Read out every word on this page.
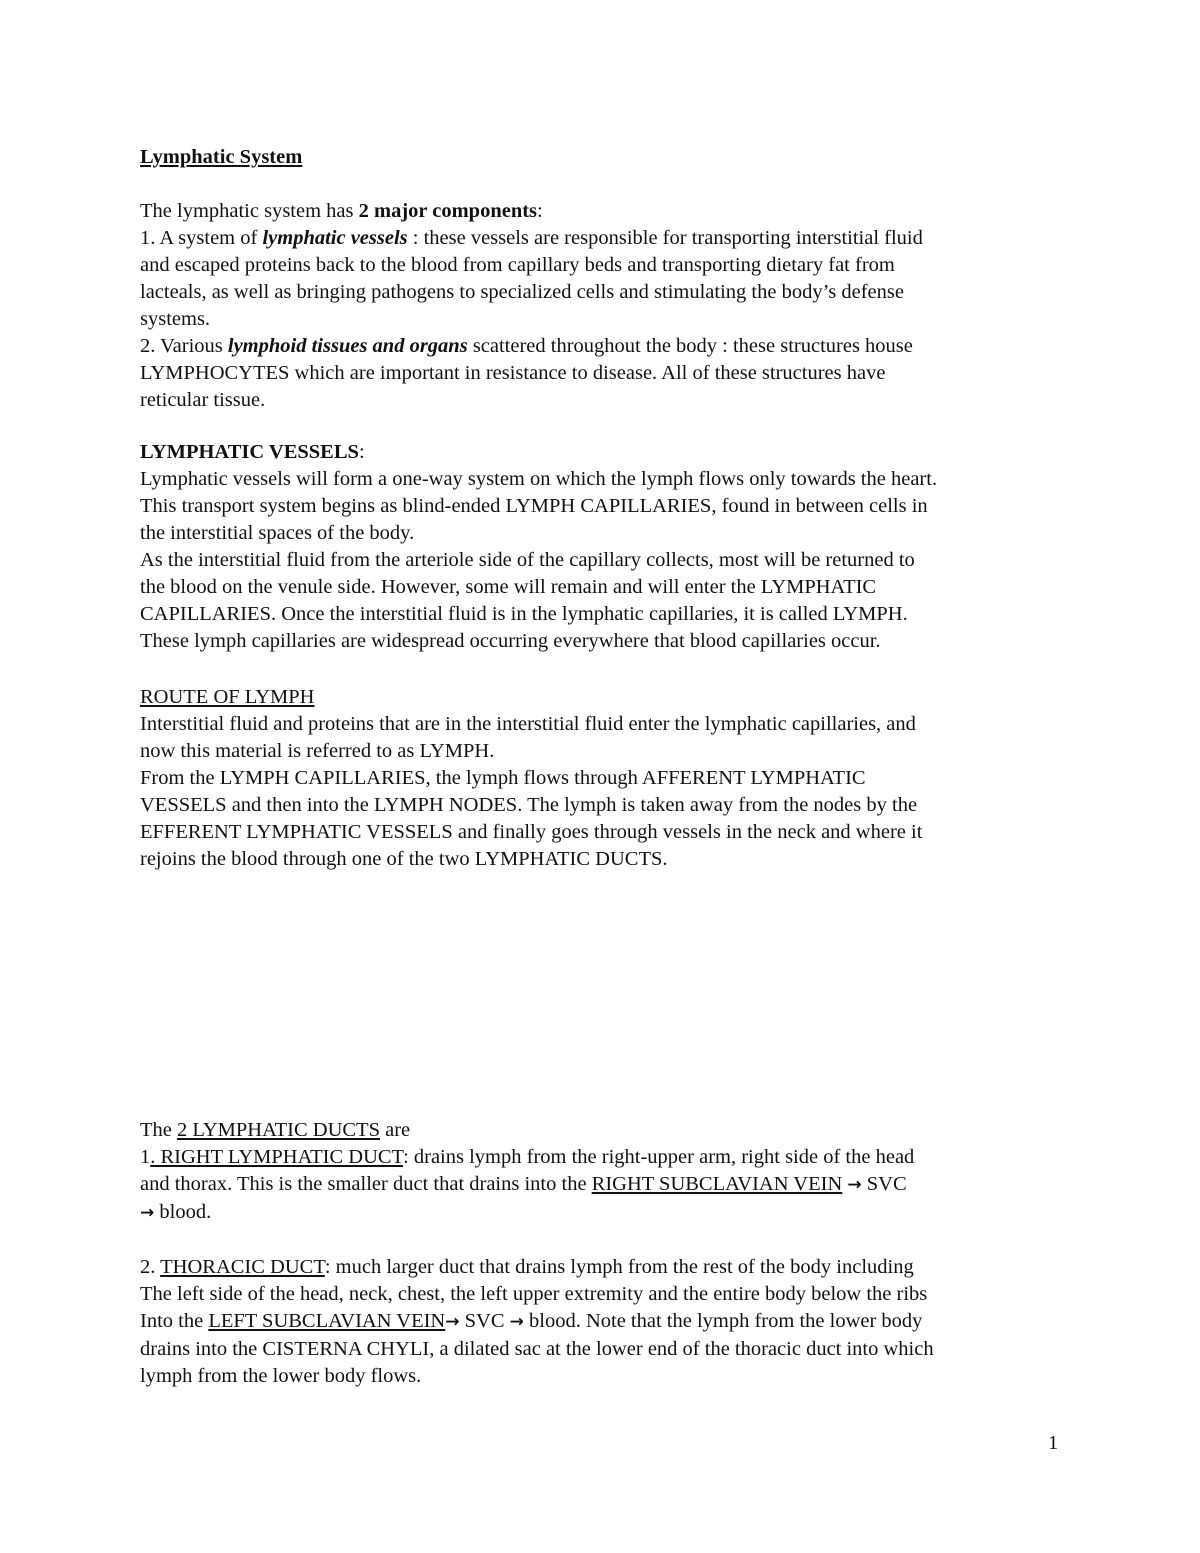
Lymphatic System
The lymphatic system has 2 major components:
1. A system of lymphatic vessels : these vessels are responsible for transporting interstitial fluid
and escaped proteins back to the blood from capillary beds and transporting dietary fat from
lacteals, as well as bringing pathogens to specialized cells and stimulating the body’s defense
systems.
2. Various lymphoid tissues and organs scattered throughout the body : these structures house
LYMPHOCYTES which are important in resistance to disease. All of these structures have
reticular tissue.
LYMPHATIC VESSELS:
Lymphatic vessels will form a one-way system on which the lymph flows only towards the heart.
This transport system begins as blind-ended LYMPH CAPILLARIES, found in between cells in
the interstitial spaces of the body.
As the interstitial fluid from the arteriole side of the capillary collects, most will be returned to
the blood on the venule side. However, some will remain and will enter the LYMPHATIC
CAPILLARIES. Once the interstitial fluid is in the lymphatic capillaries, it is called LYMPH.
These lymph capillaries are widespread occurring everywhere that blood capillaries occur.
ROUTE OF LYMPH
Interstitial fluid and proteins that are in the interstitial fluid enter the lymphatic capillaries, and
now this material is referred to as LYMPH.
From the LYMPH CAPILLARIES, the lymph flows through AFFERENT LYMPHATIC
VESSELS and then into the LYMPH NODES. The lymph is taken away from the nodes by the
EFFERENT LYMPHATIC VESSELS and finally goes through vessels in the neck and where it
rejoins the blood through one of the two LYMPHATIC DUCTS.
The 2 LYMPHATIC DUCTS are
1. RIGHT LYMPHATIC DUCT: drains lymph from the right-upper arm, right side of the head
and thorax. This is the smaller duct that drains into the RIGHT SUBCLAVIAN VEIN → SVC
→ blood.

2. THORACIC DUCT: much larger duct that drains lymph from the rest of the body including
The left side of the head, neck, chest, the left upper extremity and the entire body below the ribs
Into the LEFT SUBCLAVIAN VEIN→ SVC → blood. Note that the lymph from the lower body
drains into the CISTERNA CHYLI, a dilated sac at the lower end of the thoracic duct into which
lymph from the lower body flows.
1
